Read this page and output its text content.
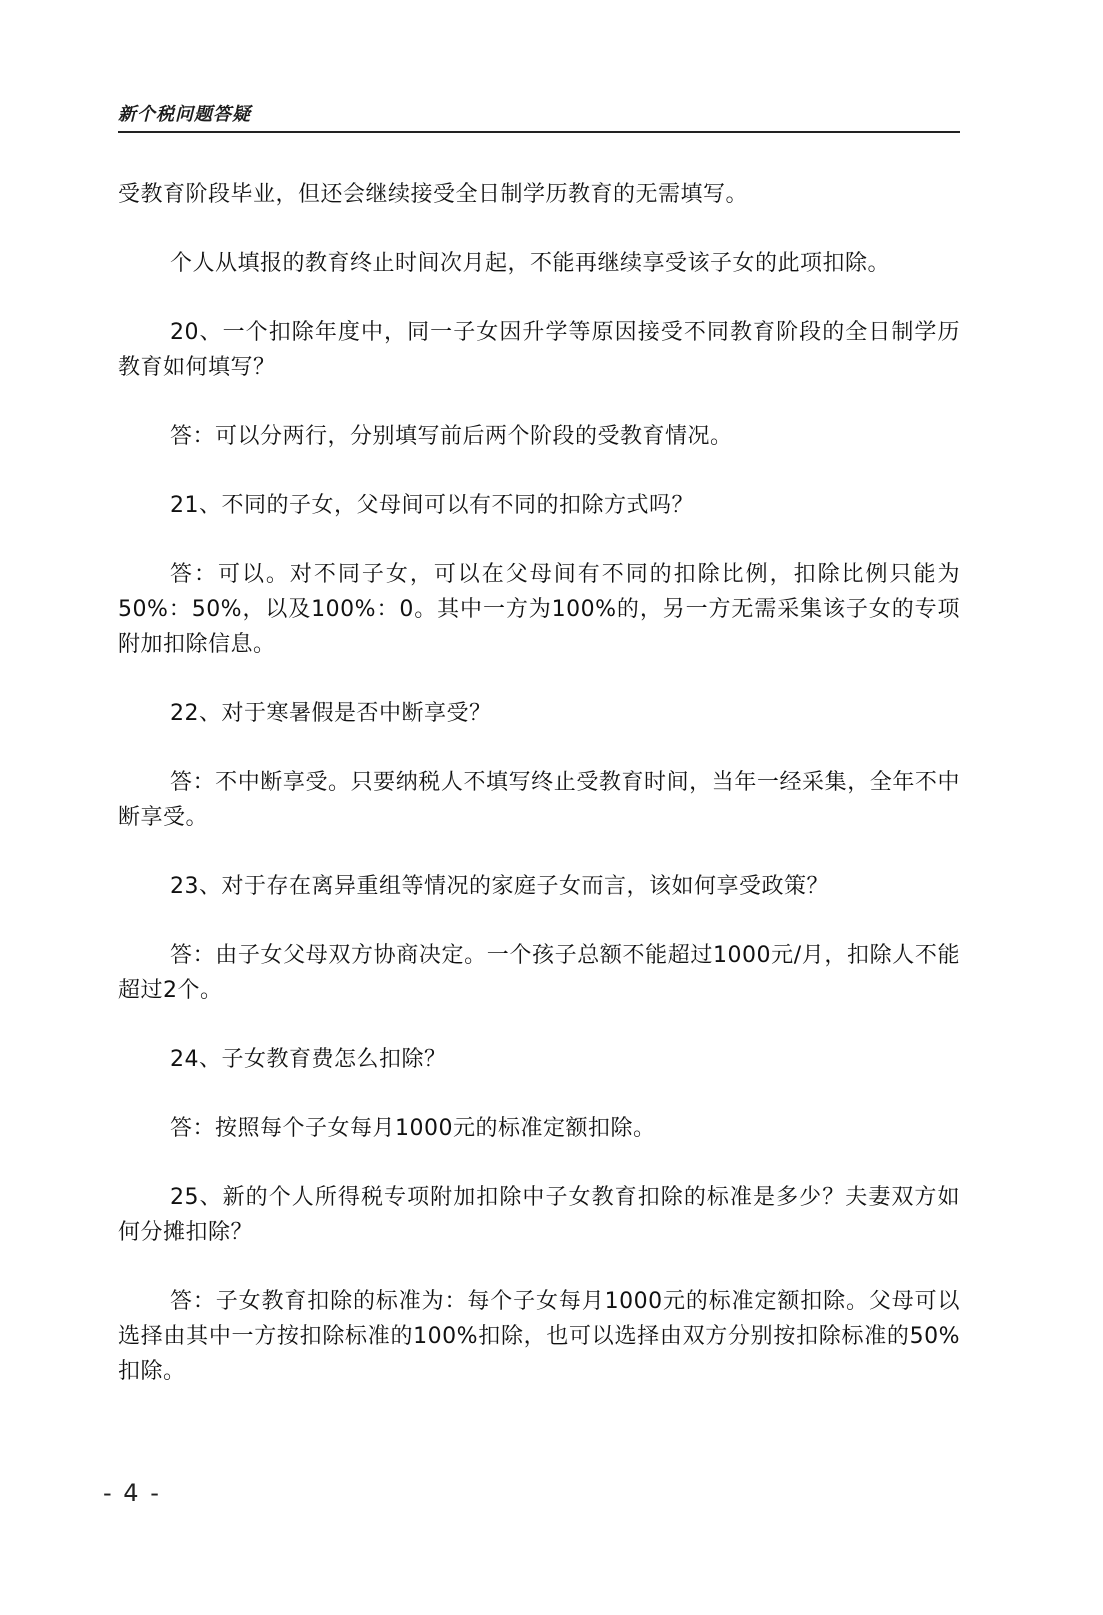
新个税问题答疑

受教育阶段毕业，但还会继续接受全日制学历教育的无需填写。

个人从填报的教育终止时间次月起，不能再继续享受该子女的此项扣除。

20、一个扣除年度中，同一子女因升学等原因接受不同教育阶段的全日制学历教育如何填写？

答：可以分两行，分别填写前后两个阶段的受教育情况。

21、不同的子女，父母间可以有不同的扣除方式吗？

答：可以。对不同子女，可以在父母间有不同的扣除比例，扣除比例只能为50%：50%，以及100%：0。其中一方为100%的，另一方无需采集该子女的专项附加扣除信息。

22、对于寒暑假是否中断享受？

答：不中断享受。只要纳税人不填写终止受教育时间，当年一经采集，全年不中断享受。

23、对于存在离异重组等情况的家庭子女而言，该如何享受政策？

答：由子女父母双方协商决定。一个孩子总额不能超过1000元/月，扣除人不能超过2个。

24、子女教育费怎么扣除？

答：按照每个子女每月1000元的标准定额扣除。

25、新的个人所得税专项附加扣除中子女教育扣除的标准是多少？夫妻双方如何分摊扣除？

答：子女教育扣除的标准为：每个子女每月1000元的标准定额扣除。父母可以选择由其中一方按扣除标准的100%扣除，也可以选择由双方分别按扣除标准的50%扣除。

- 4 -
